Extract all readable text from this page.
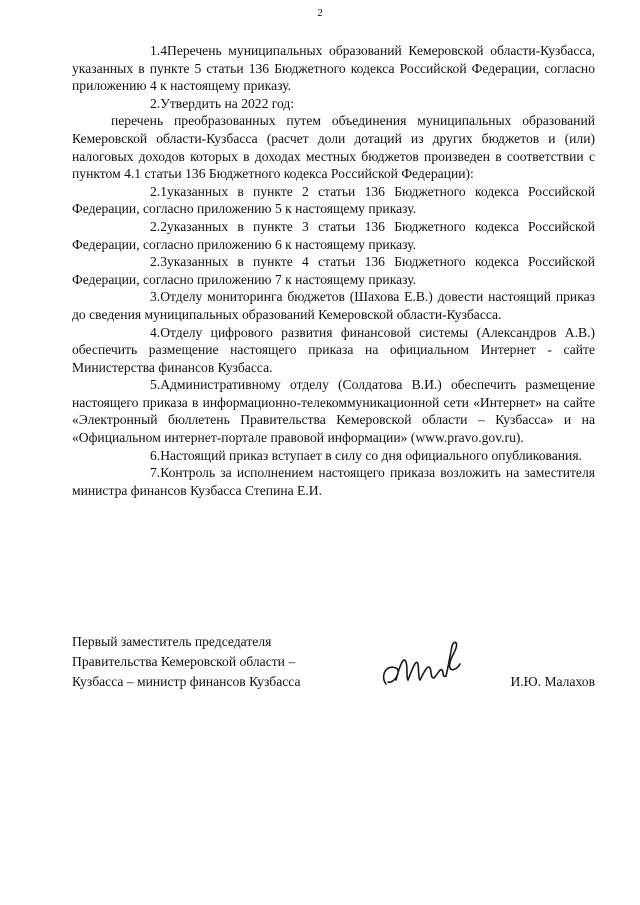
2

1.4Перечень муниципальных образований Кемеровской области-Кузбасса, указанных в пункте 5 статьи 136 Бюджетного кодекса Российской Федерации, согласно приложению 4 к настоящему приказу.

2.Утвердить на 2022 год:

перечень преобразованных путем объединения муниципальных образований Кемеровской области-Кузбасса (расчет доли дотаций из других бюджетов и (или) налоговых доходов которых в доходах местных бюджетов произведен в соответствии с пунктом 4.1 статьи 136 Бюджетного кодекса Российской Федерации):

2.1указанных в пункте 2 статьи 136 Бюджетного кодекса Российской Федерации, согласно приложению 5 к настоящему приказу.

2.2указанных в пункте 3 статьи 136 Бюджетного кодекса Российской Федерации, согласно приложению 6 к настоящему приказу.

2.3указанных в пункте 4 статьи 136 Бюджетного кодекса Российской Федерации, согласно приложению 7 к настоящему приказу.

3.Отделу мониторинга бюджетов (Шахова Е.В.) довести настоящий приказ до сведения муниципальных образований Кемеровской области-Кузбасса.

4.Отделу цифрового развития финансовой системы (Александров А.В.) обеспечить размещение настоящего приказа на официальном Интернет - сайте Министерства финансов Кузбасса.

5.Административному отделу (Солдатова В.И.) обеспечить размещение настоящего приказа в информационно-телекоммуникационной сети «Интернет» на сайте «Электронный бюллетень Правительства Кемеровской области – Кузбасса» и на «Официальном интернет-портале правовой информации» (www.pravo.gov.ru).

6.Настоящий приказ вступает в силу со дня официального опубликования.

7.Контроль за исполнением настоящего приказа возложить на заместителя министра финансов Кузбасса Степина Е.И.

Первый заместитель председателя
Правительства Кемеровской области –
Кузбасса – министр финансов Кузбасса	И.Ю. Малахов
